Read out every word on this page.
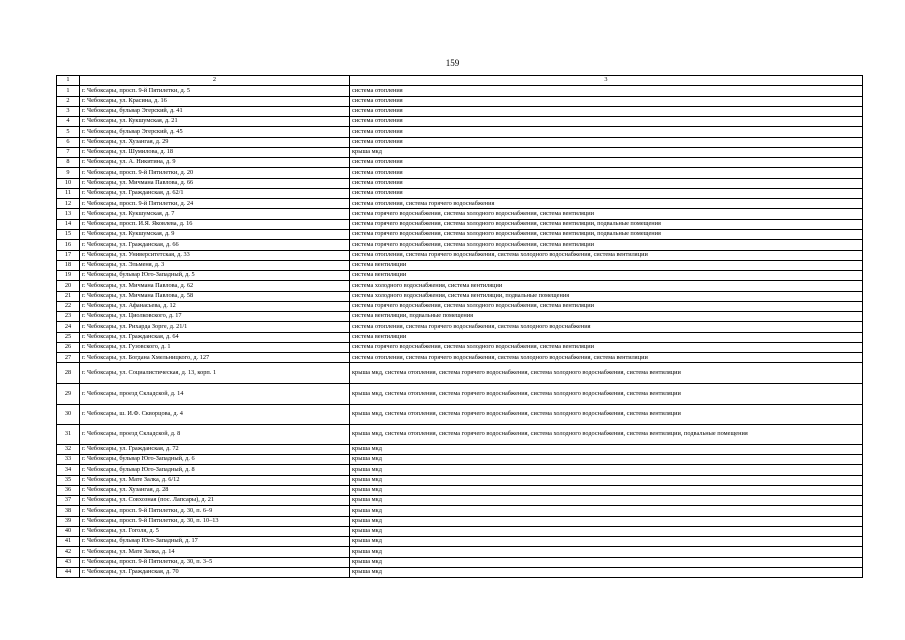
159
1	2	3
1	г. Чебоксары, просп. 9-й Пятилетки, д. 5	система отопления
2	г. Чебоксары, ул. Красина, д. 16	система отопления
3	г. Чебоксары, бульвар Эгерский, д. 41	система отопления
4	г. Чебоксары, ул. Кукшумская, д. 21	система отопления
5	г. Чебоксары, бульвар Эгерский, д. 45	система отопления
6	г. Чебоксары, ул. Хузангая, д. 29	система отопления
7	г. Чебоксары, ул. Шумилова, д. 18	крыша мкд
8	г. Чебоксары, ул. А. Никитина, д. 9	система отопления
9	г. Чебоксары, просп. 9-й Пятилетки, д. 20	система отопления
10	г. Чебоксары, ул. Мичмана Павлова, д. 66	система отопления
11	г. Чебоксары, ул. Гражданская, д. 62/1	система отопления
12	г. Чебоксары, просп. 9-й Пятилетки, д. 24	система отопления, система горячего водоснабжения
13	г. Чебоксары, ул. Кукшумская, д. 7	система горячего водоснабжения, система холодного водоснабжения, система вентиляции
14	г. Чебоксары, просп. И.Я. Яковлева, д. 16	система горячего водоснабжения, система холодного водоснабжения, система вентиляции, подвальные помещения
15	г. Чебоксары, ул. Кукшумская, д. 9	система горячего водоснабжения, система холодного водоснабжения, система вентиляции, подвальные помещения
16	г. Чебоксары, ул. Гражданская, д. 66	система горячего водоснабжения, система холодного водоснабжения, система вентиляции
17	г. Чебоксары, ул. Университетская, д. 33	система отопления, система горячего водоснабжения, система холодного водоснабжения, система вентиляции
18	г. Чебоксары, ул. Эльменя, д. 3	система вентиляции
19	г. Чебоксары, бульвар Юго-Западный, д. 5	система вентиляции
20	г. Чебоксары, ул. Мичмана Павлова, д. 62	система холодного водоснабжения, система вентиляции
21	г. Чебоксары, ул. Мичмана Павлова, д. 58	система холодного водоснабжения, система вентиляции, подвальные помещения
22	г. Чебоксары, ул. Афанасьева, д. 12	система горячего водоснабжения, система холодного водоснабжения, система вентиляции
23	г. Чебоксары, ул. Циолковского, д. 17	система вентиляции, подвальные помещения
24	г. Чебоксары, ул. Рихарда Зорге, д. 21/1	система отопления, система горячего водоснабжения, система холодного водоснабжения
25	г. Чебоксары, ул. Гражданская, д. 64	система вентиляции
26	г. Чебоксары, ул. Гузовского, д. 1	система горячего водоснабжения, система холодного водоснабжения, система вентиляции
27	г. Чебоксары, ул. Богдана Хмельницкого, д. 127	система отопления, система горячего водоснабжения, система холодного водоснабжения, система вентиляции
28	г. Чебоксары, ул. Социалистическая, д. 13, корп. 1	крыша мкд, система отопления, система горячего водоснабжения, система холодного водоснабжения, система вентиляции
29	г. Чебоксары, проезд Складской, д. 14	крыша мкд, система отопления, система горячего водоснабжения, система холодного водоснабжения, система вентиляции
30	г. Чебоксары, ш. И.Ф. Скворцова, д. 4	крыша мкд, система отопления, система горячего водоснабжения, система холодного водоснабжения, система вентиляции
31	г. Чебоксары, проезд Складской, д. 8	крыша мкд, система отопления, система горячего водоснабжения, система холодного водоснабжения, система вентиляции, подвальные помещения
32	г. Чебоксары, ул. Гражданская, д. 72	крыша мкд
33	г. Чебоксары, бульвар Юго-Западный, д. 6	крыша мкд
34	г. Чебоксары, бульвар Юго-Западный, д. 8	крыша мкд
35	г. Чебоксары, ул. Мате Залка, д. 6/12	крыша мкд
36	г. Чебоксары, ул. Хузангая, д. 28	крыша мкд
37	г. Чебоксары, ул. Совхозная (пос. Лапсары), д. 21	крыша мкд
38	г. Чебоксары, просп. 9-й Пятилетки, д. 30, п. 6–9	крыша мкд
39	г. Чебоксары, просп. 9-й Пятилетки, д. 30, п. 10–13	крыша мкд
40	г. Чебоксары, ул. Гоголя, д. 5	крыша мкд
41	г. Чебоксары, бульвар Юго-Западный, д. 17	крыша мкд
42	г. Чебоксары, ул. Мате Залка, д. 14	крыша мкд
43	г. Чебоксары, просп. 9-й Пятилетки, д. 30, п. 3–5	крыша мкд
44	г. Чебоксары, ул. Гражданская, д. 70	крыша мкд
